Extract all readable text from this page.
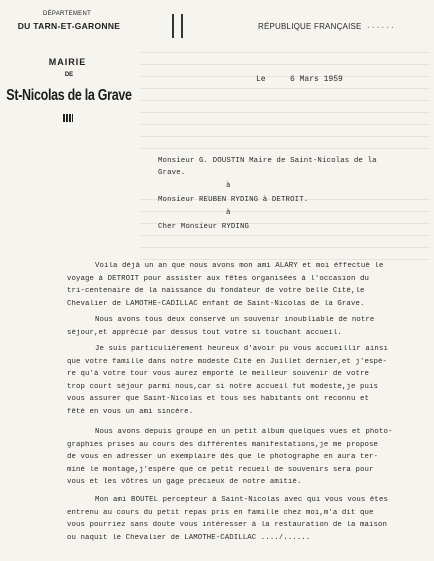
DÉPARTEMENT
DU TARN-ET-GARONNE
MAIRIE
DE
St-Nicolas de la Grave
RÉPUBLIQUE FRANÇAISE ......
Le	6 Mars 1959
Monsieur G. DOUSTIN Maire de Saint-Nicolas de la
Grave.
à
Monsieur REUBEN RYDING à DETROIT.
à
Cher Monsieur RYDING
Voila déjà un an que nous avons mon ami ALARY et moi éffectué le
voyage à DETROIT pour assister aux fêtes organisées à l'occasion du
tri-centenaire de la naissance du fondateur de votre belle Cité,le
Chevalier de LAMOTHE-CADILLAC enfant de Saint-Nicolas de la Grave.
Nous avons tous deux conservé un souvenir inoubliable de notre
séjour,et apprécié par dessus tout votre si touchant accueil.
Je suis particulièrement heureux d'avoir pu vous accueillir ainsi
que votre famille dans notre modeste Cité en Juillet dernier,et j'espè-
re qu'à votre tour vous aurez emporté le meilleur souvenir de votre
trop court séjour parmi nous,car si notre accueil fut modeste,je puis
vous assurer que Saint-Nicolas et tous ses habitants ont reconnu et
fêté en vous un ami sincère.
Nous avons depuis groupé en un petit album quelques vues et photo-
graphies prises au cours des différentes manifestations,je me propose
de vous en adresser un exemplaire dès que le photographe en aura ter-
miné le montage,j'espère que ce petit recueil de souvenirs sera pour
vous et les vôtres un gage précieux de notre amitié.
Mon ami BOUTEL percepteur à Saint-Nicolas avec qui vous vous êtes
entrenu au cours du petit repas pris en famille chez moi,m'a dit que
vous pourriez sans doute vous intéresser à la restauration de la maison
ou naquit le Chevalier de LAMOTHE-CADILLAC ..../......
